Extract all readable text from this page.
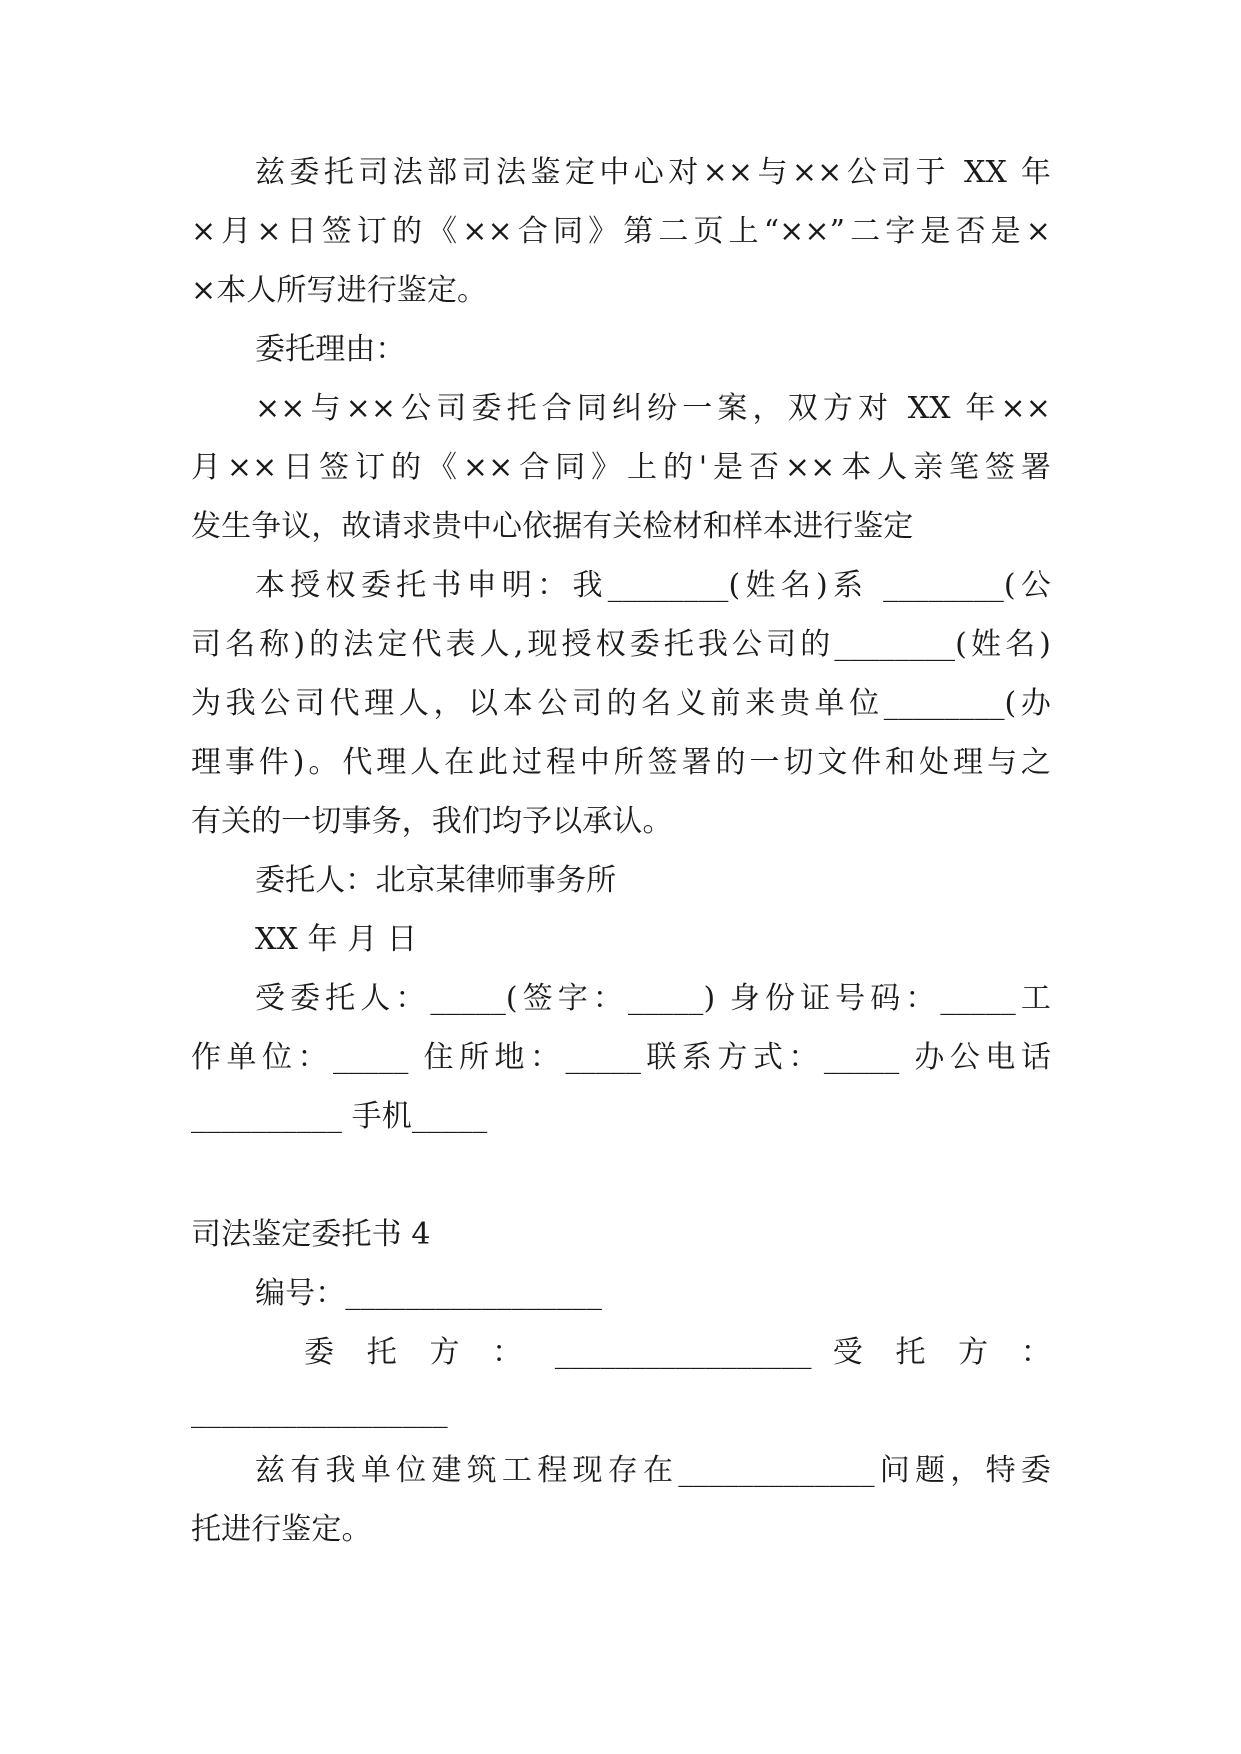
兹委托司法部司法鉴定中心对××与××公司于 XX 年

×月×日签订的《××合同》第二页上“××”二字是否是×

×本人所写进行鉴定。

委托理由：

××与××公司委托合同纠纷一案，双方对 XX 年××

月××日签订的《××合同》上的'是否××本人亲笔签署

发生争议，故请求贵中心依据有关检材和样本进行鉴定

本授权委托书申明：我________(姓名)系 ________(公

司名称)的法定代表人,现授权委托我公司的________(姓名)

为我公司代理人，以本公司的名义前来贵单位________(办

理事件)。代理人在此过程中所签署的一切文件和处理与之

有关的一切事务，我们均予以承认。

委托人：北京某律师事务所

XX 年 月 日

受委托人：_____(签字：_____) 身份证号码：_____工

作单位：_____ 住所地：_____联系方式：_____ 办公电话

__________ 手机_____

司法鉴定委托书 4

编号：_________________

委 托 方 ： _________________ 受 托 方 ：

_________________

兹有我单位建筑工程现存在_____________问题，特委

托进行鉴定。
